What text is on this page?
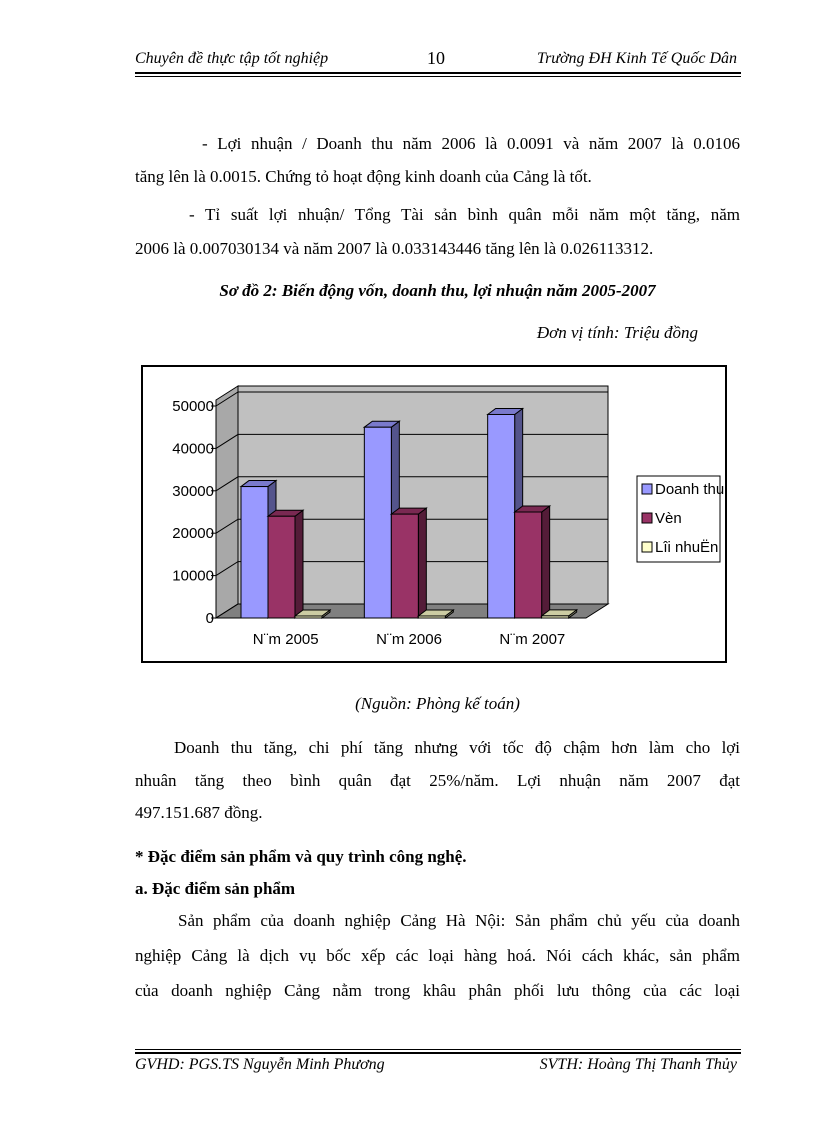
Chuyên đề thực tập tốt nghiệp	10	Trường ĐH Kinh Tế Quốc Dân
- Lợi nhuận / Doanh thu năm 2006 là 0.0091 và năm 2007 là 0.0106
tăng lên là 0.0015. Chứng tỏ hoạt động kinh doanh của Cảng là tốt.
- Tỉ suất lợi nhuận/ Tổng Tài sản bình quân mỗi năm một tăng, năm
2006 là 0.007030134 và năm 2007 là 0.033143446 tăng lên là 0.026113312.
Sơ đồ 2: Biến động vốn, doanh thu, lợi nhuận năm 2005-2007
Đơn vị tính: Triệu đồng
0
10000
20000
30000
40000
50000
N¨m 2005	N¨m 2006	N¨m 2007
Doanh thu
Vèn
Lîi nhuËn
(Nguồn: Phòng kế toán)
Doanh thu tăng, chi phí tăng nhưng với tốc độ chậm hơn làm cho lợi
nhuân tăng theo bình quân đạt 25%/năm. Lợi nhuận năm 2007 đạt
497.151.687 đồng.
* Đặc điểm sản phẩm và quy trình công nghệ.
a. Đặc điểm sản phẩm
Sản phẩm của doanh nghiệp Cảng Hà Nội: Sản phẩm chủ yếu của doanh
nghiệp Cảng là dịch vụ bốc xếp các loại hàng hoá. Nói cách khác, sản phẩm
của doanh nghiệp Cảng nằm trong khâu phân phối lưu thông của các loại
GVHD: PGS.TS Nguyễn Minh Phương	SVTH: Hoàng Thị Thanh Thủy
